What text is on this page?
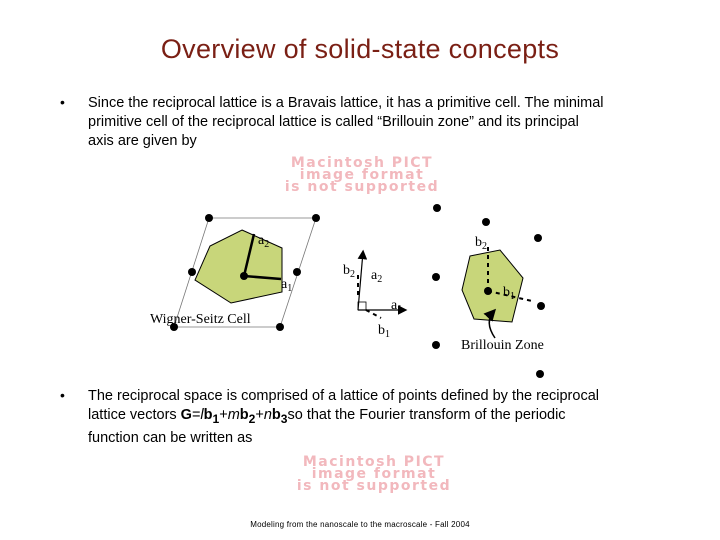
Overview of solid-state concepts
• Since the reciprocal lattice is a Bravais lattice, it has a primitive cell. The minimal
primitive cell of the reciprocal lattice is called “Brillouin zone” and its principal
axis are given by
Macintosh PICT
image format
is not supported
$a_2$
$a_1$
Wigner-Seitz Cell
$b_2$ $a_2$
$a_1$
$b_1$
$b_2$
$b_1$
Brillouin Zone
• The reciprocal space is comprised of a lattice of points defined by the reciprocal
lattice vectors $G=lb_1+mb_2+nb_3so$ that the Fourier transform of the periodic
function can be written as
Macintosh PICT
image format
is not supported
Modeling from the nanoscale to the macroscale - Fall 2004
